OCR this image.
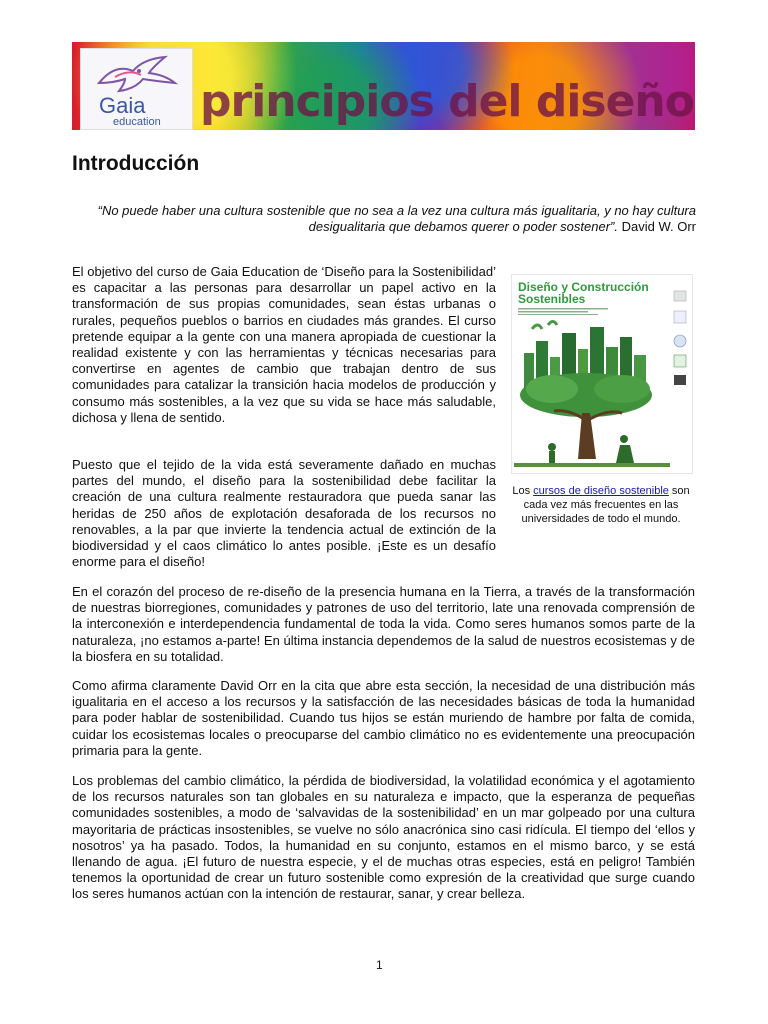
Gaia
education principios del diseño
Introducción

“No puede haber una cultura sostenible que no sea a la vez una cultura más igualitaria, y no hay cultura desigualitaria que debamos querer o poder sostener”. David W. Orr

El objetivo del curso de Gaia Education de ‘Diseño para la Sostenibilidad’ es capacitar a las personas para desarrollar un papel activo en la transformación de sus propias comunidades, sean éstas urbanas o rurales, pequeños pueblos o barrios en ciudades más grandes. El curso pretende equipar a la gente con una manera apropiada de cuestionar la realidad existente y con las herramientas y técnicas necesarias para convertirse en agentes de cambio que trabajan dentro de sus comunidades para catalizar la transición hacia modelos de producción y consumo más sostenibles, a la vez que su vida se hace más saludable, dichosa y llena de sentido.

Puesto que el tejido de la vida está severamente dañado en muchas partes del mundo, el diseño para la sostenibilidad debe facilitar la creación de una cultura realmente restauradora que pueda sanar las heridas de 250 años de explotación desaforada de los recursos no renovables, a la par que invierte la tendencia actual de extinción de la biodiversidad y el caos climático lo antes posible. ¡Este es un desafío enorme para el diseño!

Diseño y Construcción Sostenibles
Los cursos de diseño sostenible son cada vez más frecuentes en las universidades de todo el mundo.

En el corazón del proceso de re-diseño de la presencia humana en la Tierra, a través de la transformación de nuestras biorregiones, comunidades y patrones de uso del territorio, late una renovada comprensión de la interconexión e interdependencia fundamental de toda la vida. Como seres humanos somos parte de la naturaleza, ¡no estamos a-parte! En última instancia dependemos de la salud de nuestros ecosistemas y de la biosfera en su totalidad.

Como afirma claramente David Orr en la cita que abre esta sección, la necesidad de una distribución más igualitaria en el acceso a los recursos y la satisfacción de las necesidades básicas de toda la humanidad para poder hablar de sostenibilidad. Cuando tus hijos se están muriendo de hambre por falta de comida, cuidar los ecosistemas locales o preocuparse del cambio climático no es evidentemente una preocupación primaria para la gente.

Los problemas del cambio climático, la pérdida de biodiversidad, la volatilidad económica y el agotamiento de los recursos naturales son tan globales en su naturaleza e impacto, que la esperanza de pequeñas comunidades sostenibles, a modo de ‘salvavidas de la sostenibilidad’ en un mar golpeado por una cultura mayoritaria de prácticas insostenibles, se vuelve no sólo anacrónica sino casi ridícula. El tiempo del ‘ellos y nosotros’ ya ha pasado. Todos, la humanidad en su conjunto, estamos en el mismo barco, y se está llenando de agua. ¡El futuro de nuestra especie, y el de muchas otras especies, está en peligro! También tenemos la oportunidad de crear un futuro sostenible como expresión de la creatividad que surge cuando los seres humanos actúan con la intención de restaurar, sanar, y crear belleza.

1
